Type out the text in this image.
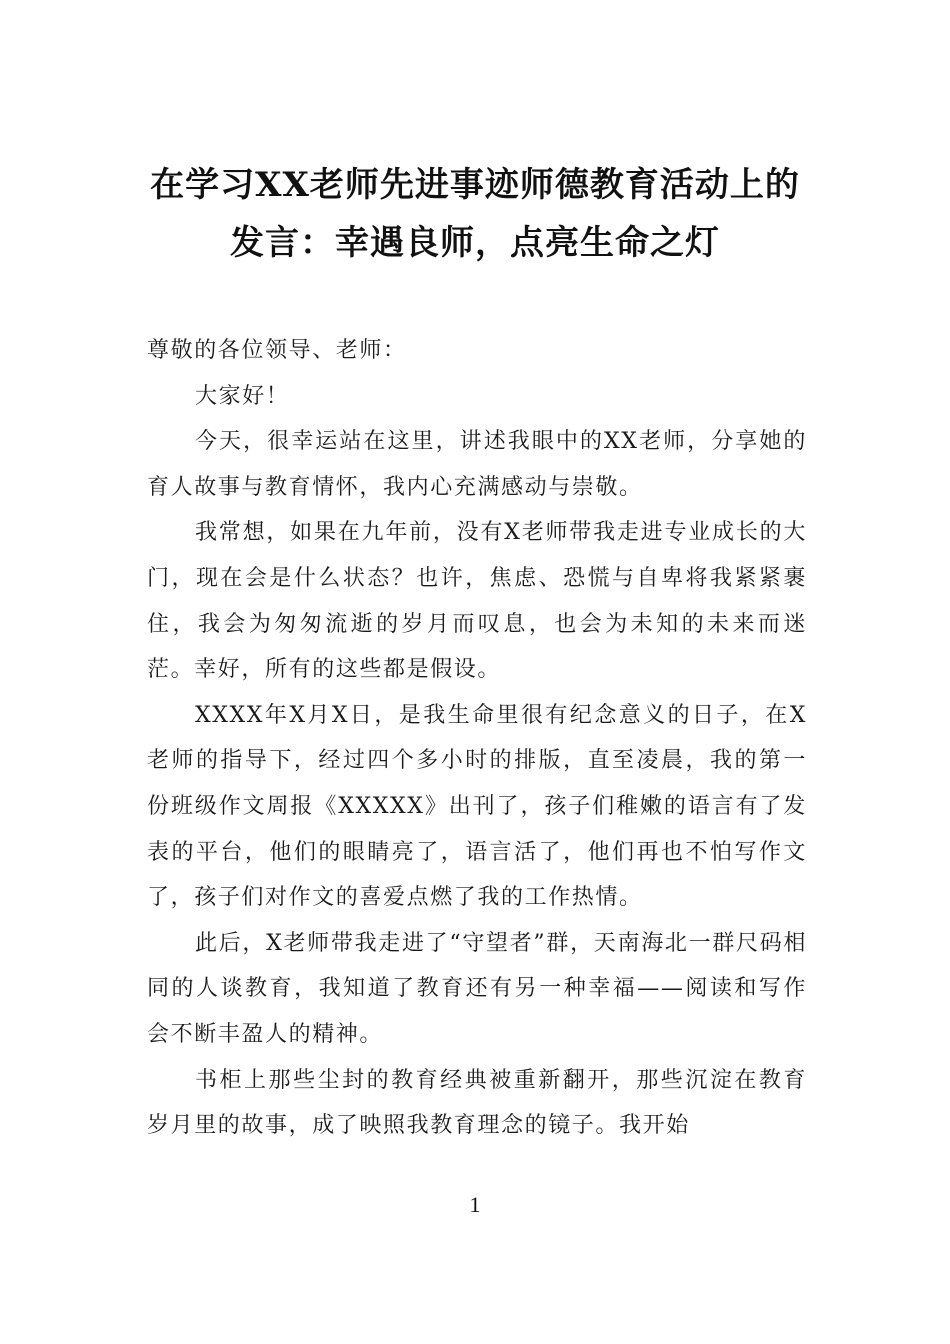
在学习XX老师先进事迹师德教育活动上的
发言：幸遇良师，点亮生命之灯

尊敬的各位领导、老师：

大家好！

今天，很幸运站在这里，讲述我眼中的XX老师，分享她的育人故事与教育情怀，我内心充满感动与崇敬。

我常想，如果在九年前，没有X老师带我走进专业成长的大门，现在会是什么状态？也许，焦虑、恐慌与自卑将我紧紧裹住，我会为匆匆流逝的岁月而叹息，也会为未知的未来而迷茫。幸好，所有的这些都是假设。

XXXX年X月X日，是我生命里很有纪念意义的日子，在X老师的指导下，经过四个多小时的排版，直至凌晨，我的第一份班级作文周报《XXXXX》出刊了，孩子们稚嫩的语言有了发表的平台，他们的眼睛亮了，语言活了，他们再也不怕写作文了，孩子们对作文的喜爱点燃了我的工作热情。

此后，X老师带我走进了“守望者”群，天南海北一群尺码相同的人谈教育，我知道了教育还有另一种幸福——阅读和写作会不断丰盈人的精神。

书柜上那些尘封的教育经典被重新翻开，那些沉淀在教育岁月里的故事，成了映照我教育理念的镜子。我开始

1
